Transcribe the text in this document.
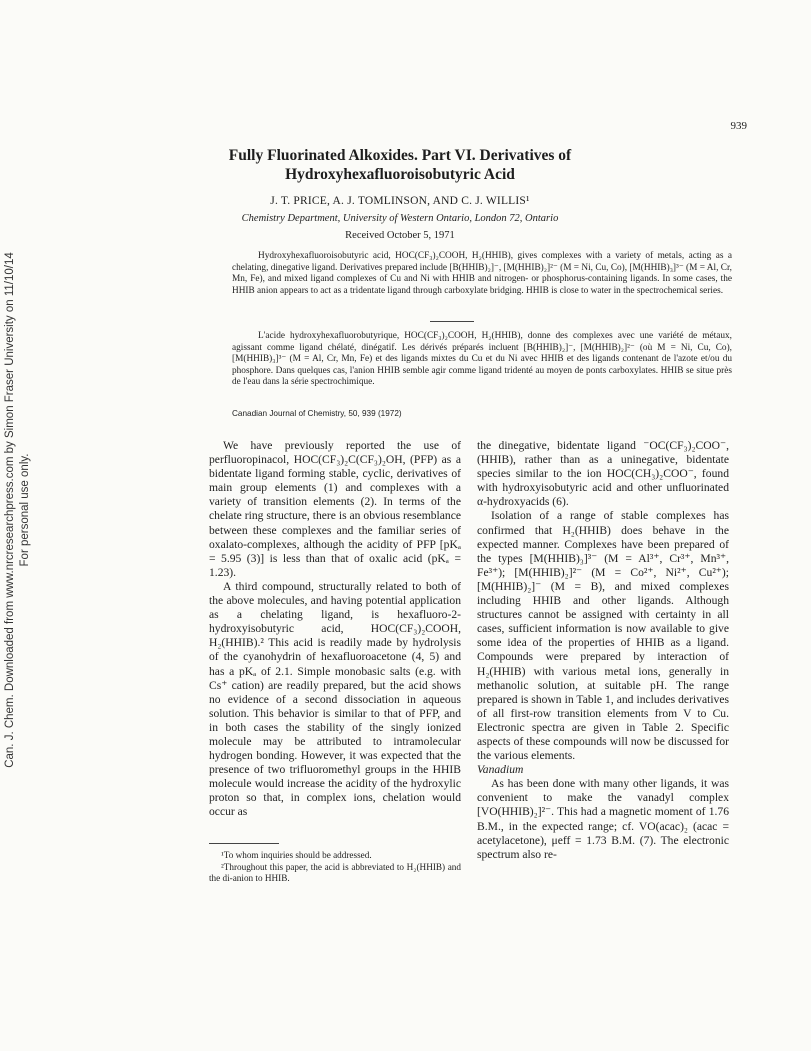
Can. J. Chem. Downloaded from www.nrcresearchpress.com by Simon Fraser University on 11/10/14 For personal use only.
939
Fully Fluorinated Alkoxides. Part VI. Derivatives of
Hydroxyhexafluoroisobutyric Acid
J. T. PRICE, A. J. TOMLINSON, AND C. J. WILLIS¹
Chemistry Department, University of Western Ontario, London 72, Ontario
Received October 5, 1971

Hydroxyhexafluoroisobutyric acid, HOC(CF₃)₂COOH, H₂(HHIB), gives complexes with a variety of metals, acting as a chelating, dinegative ligand. Derivatives prepared include [B(HHIB)₂]⁻, [M(HHIB)₂]²⁻ (M = Ni, Cu, Co), [M(HHIB)₃]³⁻ (M = Al, Cr, Mn, Fe), and mixed ligand complexes of Cu and Ni with HHIB and nitrogen- or phosphorus-containing ligands. In some cases, the HHIB anion appears to act as a tridentate ligand through carboxylate bridging. HHIB is close to water in the spectrochemical series.

L'acide hydroxyhexafluorobutyrique, HOC(CF₃)₂COOH, H₂(HHIB), donne des complexes avec une variété de métaux, agissant comme ligand chélaté, dinégatif. Les dérivés préparés incluent [B(HHIB)₂]⁻, [M(HHIB)₂]²⁻ (où M = Ni, Cu, Co), [M(HHIB)₃]³⁻ (M = Al, Cr, Mn, Fe) et des ligands mixtes du Cu et du Ni avec HHIB et des ligands contenant de l'azote et/ou du phosphore. Dans quelques cas, l'anion HHIB semble agir comme ligand tridenté au moyen de ponts carboxylates. HHIB se situe près de l'eau dans la série spectrochimique.

Canadian Journal of Chemistry, 50, 939 (1972)

We have previously reported the use of perfluoropinacol, HOC(CF₃)₂C(CF₃)₂OH, (PFP) as a bidentate ligand forming stable, cyclic, derivatives of main group elements (1) and complexes with a variety of transition elements (2). In terms of the chelate ring structure, there is an obvious resemblance between these complexes and the familiar series of oxalato-complexes, although the acidity of PFP [pKₐ = 5.95 (3)] is less than that of oxalic acid (pKₐ = 1.23).

A third compound, structurally related to both of the above molecules, and having potential application as a chelating ligand, is hexafluoro-2-hydroxyisobutyric acid, HOC(CF₃)₂COOH, H₂(HHIB).² This acid is readily made by hydrolysis of the cyanohydrin of hexafluoroacetone (4, 5) and has a pKₐ of 2.1. Simple monobasic salts (e.g. with Cs⁺ cation) are readily prepared, but the acid shows no evidence of a second dissociation in aqueous solution. This behavior is similar to that of PFP, and in both cases the stability of the singly ionized molecule may be attributed to intramolecular hydrogen bonding. However, it was expected that the presence of two trifluoromethyl groups in the HHIB molecule would increase the acidity of the hydroxylic proton so that, in complex ions, chelation would occur as

¹To whom inquiries should be addressed.

²Throughout this paper, the acid is abbreviated to H₂(HHIB) and the di-anion to HHIB.

the dinegative, bidentate ligand ⁻OC(CF₃)₂COO⁻, (HHIB), rather than as a uninegative, bidentate species similar to the ion HOC(CH₃)₂COO⁻, found with hydroxyisobutyric acid and other unfluorinated α-hydroxyacids (6).

Isolation of a range of stable complexes has confirmed that H₂(HHIB) does behave in the expected manner. Complexes have been prepared of the types [M(HHIB)₃]³⁻ (M = Al³⁺, Cr³⁺, Mn³⁺, Fe³⁺); [M(HHIB)₂]²⁻ (M = Co²⁺, Ni²⁺, Cu²⁺); [M(HHIB)₂]⁻ (M = B), and mixed complexes including HHIB and other ligands. Although structures cannot be assigned with certainty in all cases, sufficient information is now available to give some idea of the properties of HHIB as a ligand. Compounds were prepared by interaction of H₂(HHIB) with various metal ions, generally in methanolic solution, at suitable pH. The range prepared is shown in Table 1, and includes derivatives of all first-row transition elements from V to Cu. Electronic spectra are given in Table 2. Specific aspects of these compounds will now be discussed for the various elements.

Vanadium

As has been done with many other ligands, it was convenient to make the vanadyl complex [VO(HHIB)₂]²⁻. This had a magnetic moment of 1.76 B.M., in the expected range; cf. VO(acac)₂ (acac = acetylacetone), μeff = 1.73 B.M. (7). The electronic spectrum also re-
